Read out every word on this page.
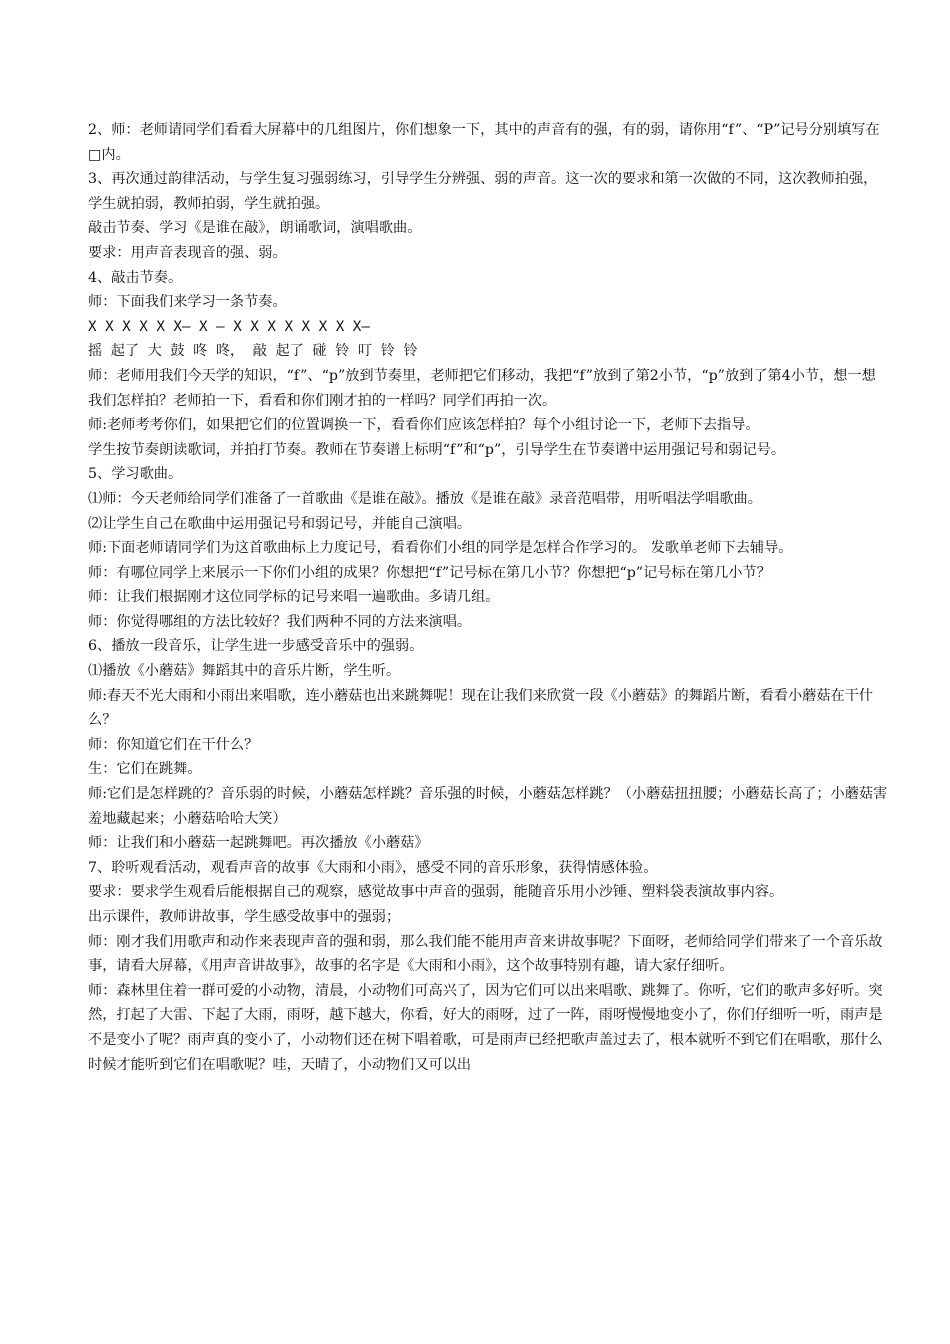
2、师：老师请同学们看看大屏幕中的几组图片，你们想象一下，其中的声音有的强，有的弱，请你用“f”、“P”记号分别填写在□内。

3、再次通过韵律活动，与学生复习强弱练习，引导学生分辨强、弱的声音。这一次的要求和第一次做的不同，这次教师拍强，学生就拍弱，教师拍弱，学生就拍强。

敲击节奏、学习《是谁在敲》，朗诵歌词，演唱歌曲。

要求：用声音表现音的强、弱。

4、敲击节奏。

师：下面我们来学习一条节奏。

X X X X X X— X — X X X X X X X X—

摇 起了 大 鼓 咚 咚， 敲 起了 碰 铃 叮 铃 铃

师：老师用我们今天学的知识，“f”、“p”放到节奏里，老师把它们移动，我把“f”放到了第2小节，“p”放到了第4小节，想一想我们怎样拍？老师拍一下，看看和你们刚才拍的一样吗？同学们再拍一次。

师:老师考考你们，如果把它们的位置调换一下，看看你们应该怎样拍？每个小组讨论一下，老师下去指导。

学生按节奏朗读歌词，并拍打节奏。教师在节奏谱上标明“f”和“p”，引导学生在节奏谱中运用强记号和弱记号。

5、学习歌曲。

⑴师：今天老师给同学们准备了一首歌曲《是谁在敲》。播放《是谁在敲》录音范唱带，用听唱法学唱歌曲。

⑵让学生自己在歌曲中运用强记号和弱记号，并能自己演唱。

师:下面老师请同学们为这首歌曲标上力度记号，看看你们小组的同学是怎样合作学习的。 发歌单老师下去辅导。

师：有哪位同学上来展示一下你们小组的成果？你想把“f”记号标在第几小节？你想把“p”记号标在第几小节？

师：让我们根据刚才这位同学标的记号来唱一遍歌曲。多请几组。

师：你觉得哪组的方法比较好？我们两种不同的方法来演唱。

6、播放一段音乐，让学生进一步感受音乐中的强弱。

⑴播放《小蘑菇》舞蹈其中的音乐片断，学生听。

师:春天不光大雨和小雨出来唱歌，连小蘑菇也出来跳舞呢！现在让我们来欣赏一段《小蘑菇》的舞蹈片断，看看小蘑菇在干什么？

师：你知道它们在干什么？

生：它们在跳舞。

师:它们是怎样跳的？音乐弱的时候，小蘑菇怎样跳？音乐强的时候，小蘑菇怎样跳？（小蘑菇扭扭腰；小蘑菇长高了；小蘑菇害羞地藏起来；小蘑菇哈哈大笑）

师：让我们和小蘑菇一起跳舞吧。再次播放《小蘑菇》

7、聆听观看活动，观看声音的故事《大雨和小雨》，感受不同的音乐形象，获得情感体验。

要求：要求学生观看后能根据自己的观察，感觉故事中声音的强弱，能随音乐用小沙锤、塑料袋表演故事内容。

出示课件，教师讲故事，学生感受故事中的强弱；

师：刚才我们用歌声和动作来表现声音的强和弱，那么我们能不能用声音来讲故事呢？下面呀，老师给同学们带来了一个音乐故事，请看大屏幕，《用声音讲故事》，故事的名字是《大雨和小雨》，这个故事特别有趣，请大家仔细听。

师：森林里住着一群可爱的小动物，清晨，小动物们可高兴了，因为它们可以出来唱歌、跳舞了。你听，它们的歌声多好听。突然，打起了大雷、下起了大雨，雨呀，越下越大，你看，好大的雨呀，过了一阵，雨呀慢慢地变小了，你们仔细听一听，雨声是不是变小了呢？雨声真的变小了，小动物们还在树下唱着歌，可是雨声已经把歌声盖过去了，根本就听不到它们在唱歌，那什么时候才能听到它们在唱歌呢？哇，天晴了，小动物们又可以出
